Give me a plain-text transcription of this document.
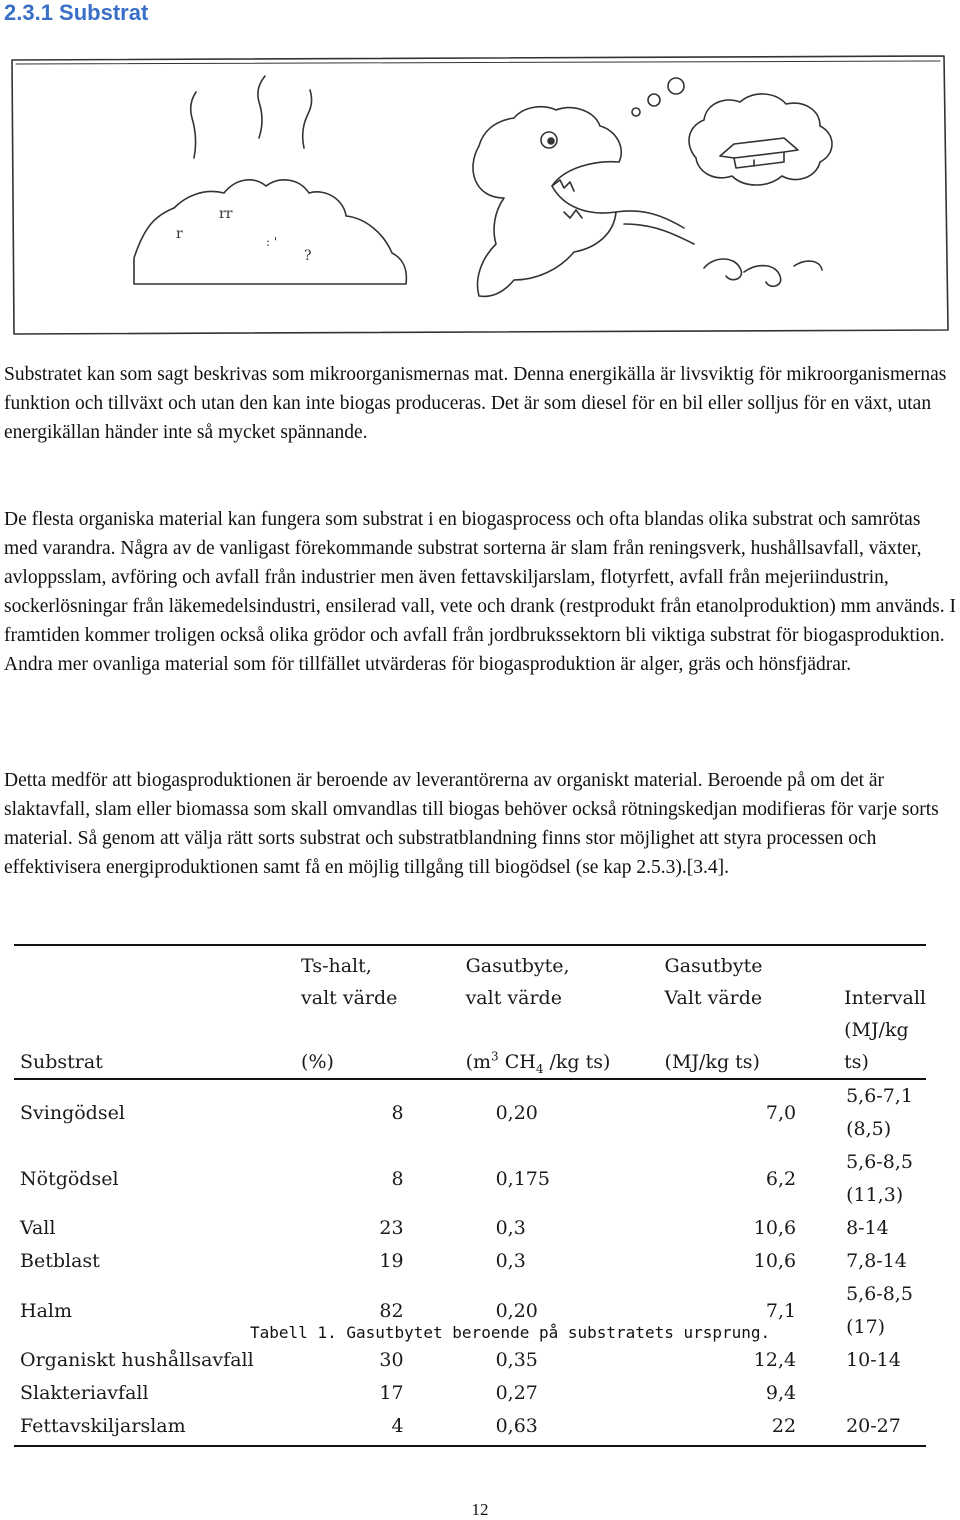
2.3.1 Substrat
r
rr
: '
?

Substratet kan som sagt beskrivas som mikroorganismernas mat. Denna energikälla är livsviktig för mikroorganismernas funktion och tillväxt och utan den kan inte biogas produceras. Det är som diesel för en bil eller solljus för en växt, utan energikällan händer inte så mycket spännande.

De flesta organiska material kan fungera som substrat i en biogasprocess och ofta blandas olika substrat och samrötas med varandra. Några av de vanligast förekommande substrat sorterna är slam från reningsverk, hushållsavfall, växter, avloppsslam, avföring och avfall från industrier men även fettavskiljarslam, flotyrfett, avfall från mejeriindustrin, sockerlösningar från läkemedelsindustri, ensilerad vall, vete och drank (restprodukt från etanolproduktion) mm används. I framtiden kommer troligen också olika grödor och avfall från jordbrukssektorn bli viktiga substrat för biogasproduktion. Andra mer ovanliga material som för tillfället utvärderas för biogasproduktion är alger, gräs och hönsfjädrar.

Detta medför att biogasproduktionen är beroende av leverantörerna av organiskt material. Beroende på om det är slaktavfall, slam eller biomassa som skall omvandlas till biogas behöver också rötningskedjan modifieras för varje sorts material. Så genom att välja rätt sorts substrat och substratblandning finns stor möjlighet att styra processen och effektivisera energiproduktionen samt få en möjlig tillgång till biogödsel (se kap 2.5.3).[3.4].

	Ts-halt,	Gasutbyte,	Gasutbyte	
	valt värde	valt värde	Valt värde	Intervall
Substrat	(%)	($m^3$ $CH_4$ /kg ts)	(MJ/kg ts)	(MJ/kg ts)
Svingödsel	8	0,20	7,0	5,6-7,1 (8,5)
Nötgödsel	8	0,175	6,2	5,6-8,5 (11,3)
Vall	23	0,3	10,6	8-14
Betblast	19	0,3	10,6	7,8-14
Halm	82	0,20	7,1	5,6-8,5 (17)
Organiskt hushållsavfall	30	0,35	12,4	10-14
Slakteriavfall	17	0,27	9,4	
Fettavskiljarslam	4	0,63	22	20-27

Tabell 1. Gasutbytet beroende på substratets ursprung.

12
